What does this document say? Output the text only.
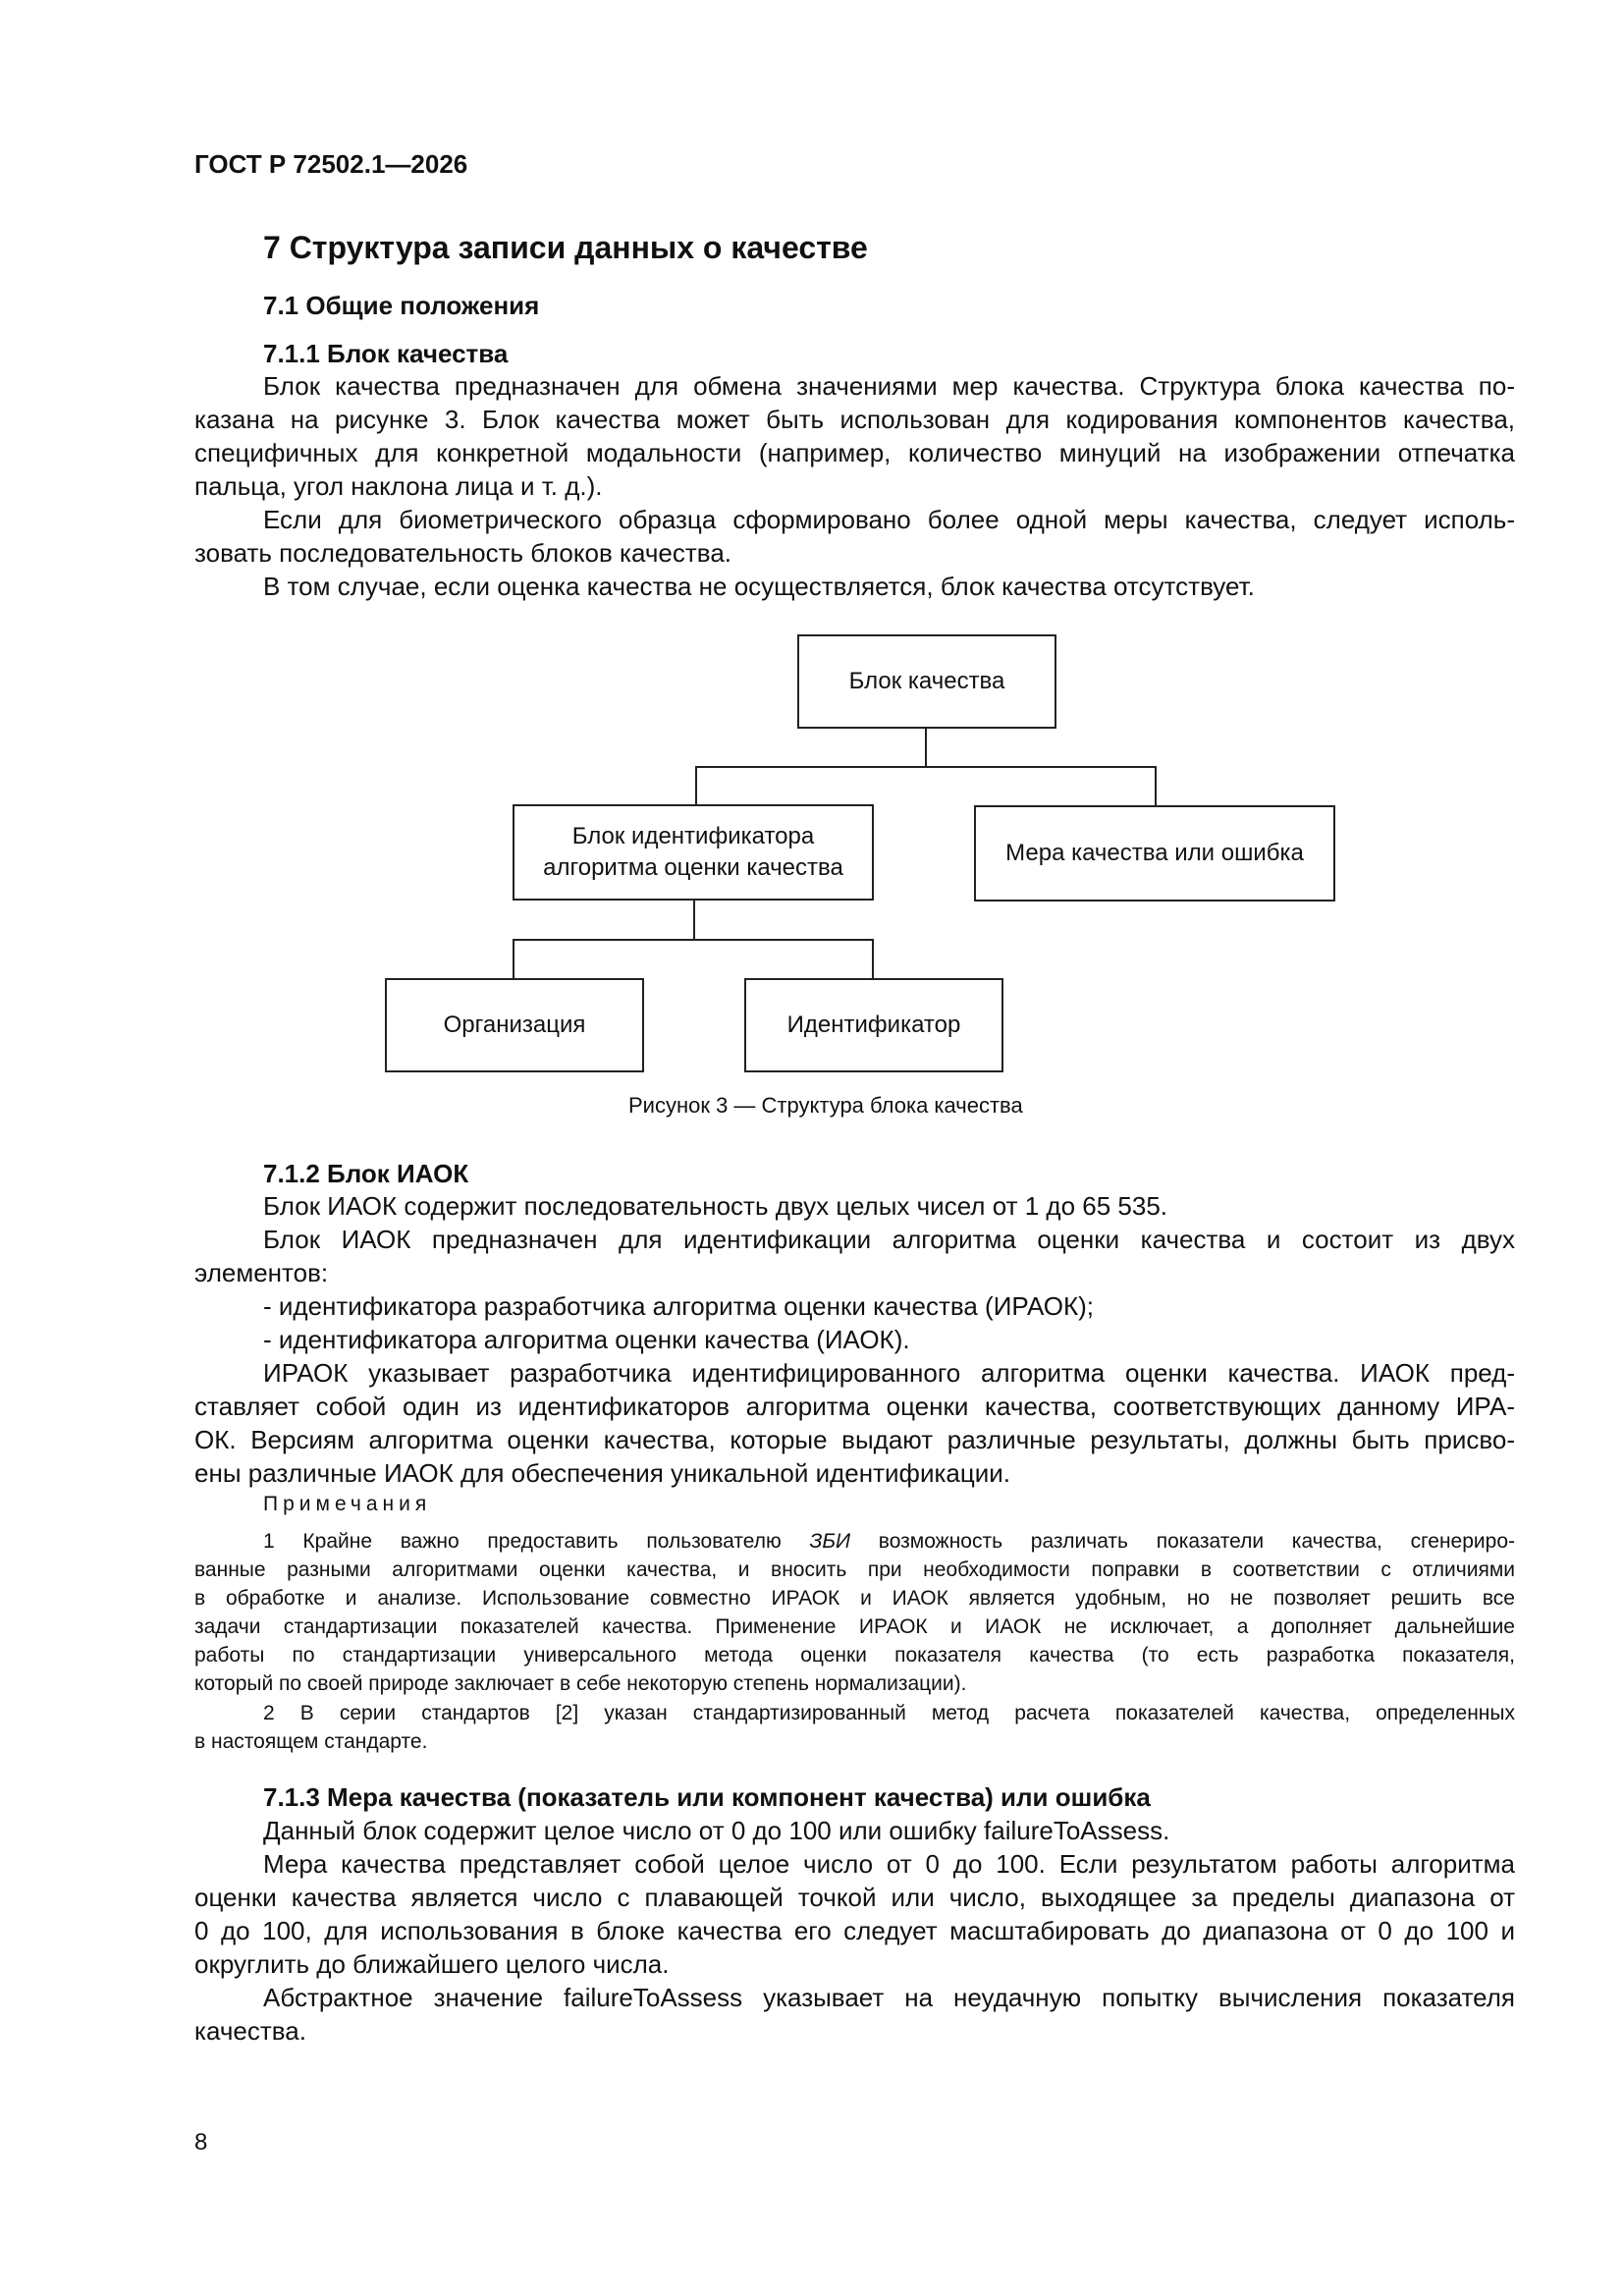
ГОСТ Р 72502.1—2026
7 Структура записи данных о качестве
7.1 Общие положения
7.1.1 Блок качества

Блок качества предназначен для обмена значениями мер качества. Структура блока качества по-

казана на рисунке 3. Блок качества может быть использован для кодирования компонентов качества,

специфичных для конкретной модальности (например, количество минуций на изображении отпечатка

пальца, угол наклона лица и т. д.).

Если для биометрического образца сформировано более одной меры качества, следует исполь-

зовать последовательность блоков качества.

В том случае, если оценка качества не осуществляется, блок качества отсутствует.

Блок качества
Блок идентификатора
алгоритма оценки качества
Мера качества или ошибка
Организация	Идентификатор
Рисунок 3 — Структура блока качества
7.1.2 Блок ИАОК

Блок ИАОК содержит последовательность двух целых чисел от 1 до 65 535.

Блок ИАОК предназначен для идентификации алгоритма оценки качества и состоит из двух

элементов:

- идентификатора разработчика алгоритма оценки качества (ИРАОК);

- идентификатора алгоритма оценки качества (ИАОК).

ИРАОК указывает разработчика идентифицированного алгоритма оценки качества. ИАОК пред-

ставляет собой один из идентификаторов алгоритма оценки качества, соответствующих данному ИРА-

ОК. Версиям алгоритма оценки качества, которые выдают различные результаты, должны быть присво-

ены различные ИАОК для обеспечения уникальной идентификации.

Примечания

1 Крайне важно предоставить пользователю ЗБИ возможность различать показатели качества, сгенериро-

ванные разными алгоритмами оценки качества, и вносить при необходимости поправки в соответствии с отличиями

в обработке и анализе. Использование совместно ИРАОК и ИАОК является удобным, но не позволяет решить все

задачи стандартизации показателей качества. Применение ИРАОК и ИАОК не исключает, а дополняет дальнейшие

работы по стандартизации универсального метода оценки показателя качества (то есть разработка показателя,

который по своей природе заключает в себе некоторую степень нормализации).

2 В серии стандартов [2] указан стандартизированный метод расчета показателей качества, определенных

в настоящем стандарте.

7.1.3 Мера качества (показатель или компонент качества) или ошибка

Данный блок содержит целое число от 0 до 100 или ошибку failureToAssess.

Мера качества представляет собой целое число от 0 до 100. Если результатом работы алгоритма

оценки качества является число с плавающей точкой или число, выходящее за пределы диапазона от

0 до 100, для использования в блоке качества его следует масштабировать до диапазона от 0 до 100 и

округлить до ближайшего целого числа.

Абстрактное значение failureToAssess указывает на неудачную попытку вычисления показателя

качества.

8
